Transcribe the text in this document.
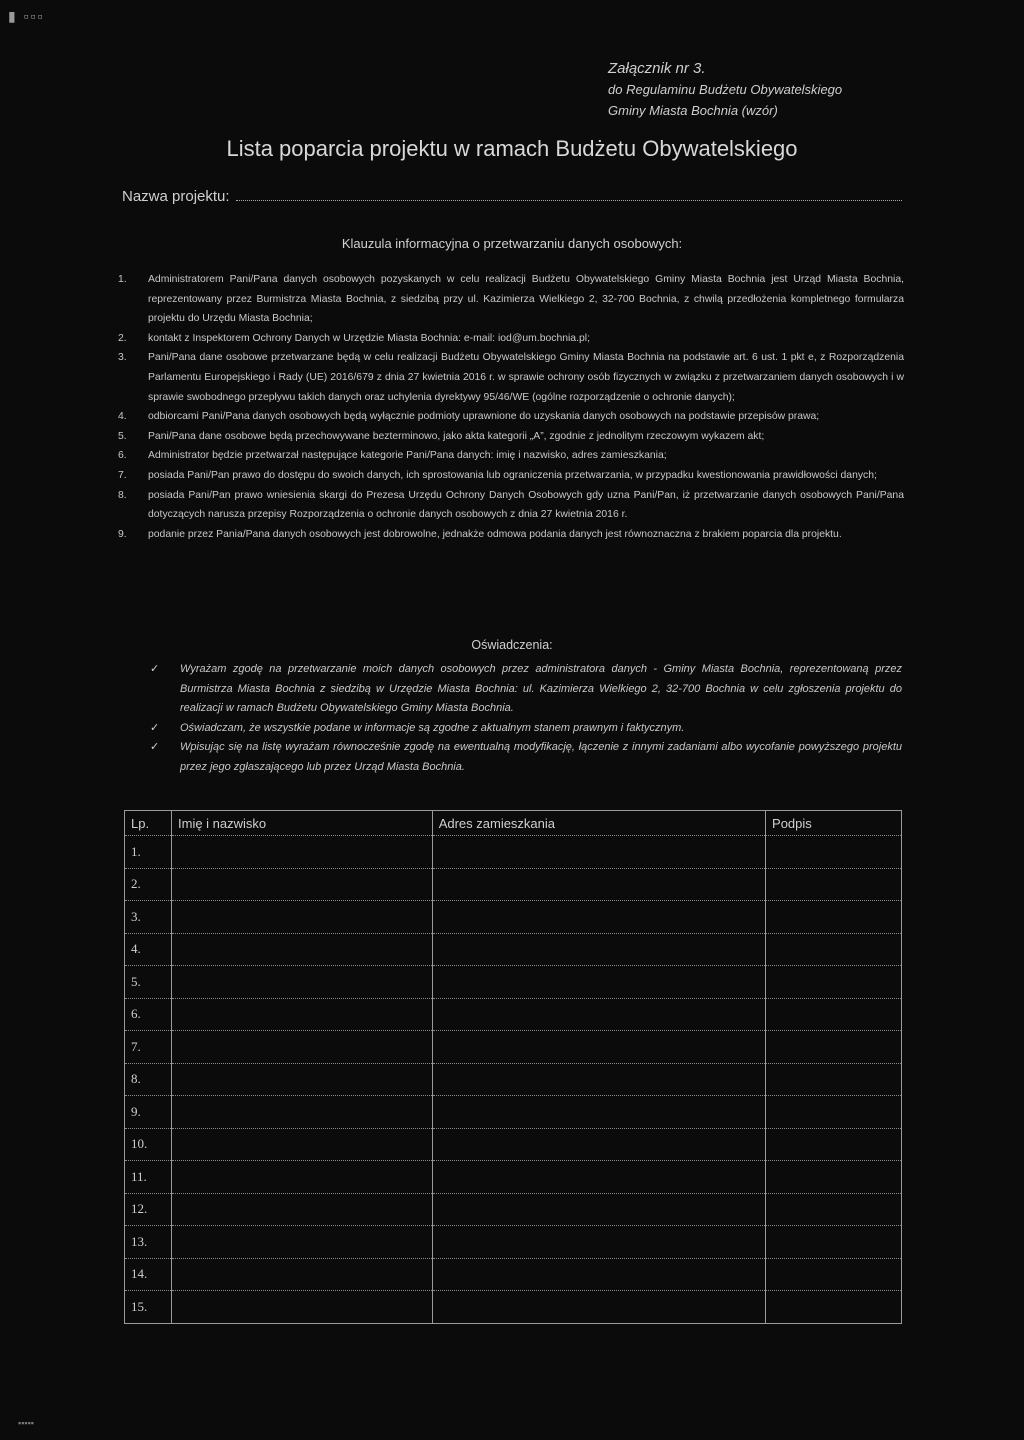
▮ ▫▫▫
Załącznik nr 3.
do Regulaminu Budżetu Obywatelskiego
Gminy Miasta Bochnia (wzór)
Lista poparcia projektu w ramach Budżetu Obywatelskiego
Nazwa projektu:
Klauzula informacyjna o przetwarzaniu danych osobowych:
1.	Administratorem Pani/Pana danych osobowych pozyskanych w celu realizacji Budżetu Obywatelskiego Gminy Miasta Bochnia jest Urząd Miasta Bochnia, reprezentowany przez Burmistrza Miasta Bochnia, z siedzibą przy ul. Kazimierza Wielkiego 2, 32-700 Bochnia, z chwilą przedłożenia kompletnego formularza projektu do Urzędu Miasta Bochnia;
2.	kontakt z Inspektorem Ochrony Danych w Urzędzie Miasta Bochnia: e-mail: iod@um.bochnia.pl;
3.	Pani/Pana dane osobowe przetwarzane będą w celu realizacji Budżetu Obywatelskiego Gminy Miasta Bochnia na podstawie art. 6 ust. 1 pkt e, z Rozporządzenia Parlamentu Europejskiego i Rady (UE) 2016/679 z dnia 27 kwietnia 2016 r. w sprawie ochrony osób fizycznych w związku z przetwarzaniem danych osobowych i w sprawie swobodnego przepływu takich danych oraz uchylenia dyrektywy 95/46/WE (ogólne rozporządzenie o ochronie danych);
4.	odbiorcami Pani/Pana danych osobowych będą wyłącznie podmioty uprawnione do uzyskania danych osobowych na podstawie przepisów prawa;
5.	Pani/Pana dane osobowe będą przechowywane bezterminowo, jako akta kategorii „A”, zgodnie z jednolitym rzeczowym wykazem akt;
6.	Administrator będzie przetwarzał następujące kategorie Pani/Pana danych: imię i nazwisko, adres zamieszkania;
7.	posiada Pani/Pan prawo do dostępu do swoich danych, ich sprostowania lub ograniczenia przetwarzania, w przypadku kwestionowania prawidłowości danych;
8.	posiada Pani/Pan prawo wniesienia skargi do Prezesa Urzędu Ochrony Danych Osobowych gdy uzna Pani/Pan, iż przetwarzanie danych osobowych Pani/Pana dotyczących narusza przepisy Rozporządzenia o ochronie danych osobowych z dnia 27 kwietnia 2016 r.
9.	podanie przez Pania/Pana danych osobowych jest dobrowolne, jednakże odmowa podania danych jest równoznaczna z brakiem poparcia dla projektu.
Oświadczenia:
✓	Wyrażam zgodę na przetwarzanie moich danych osobowych przez administratora danych - Gminy Miasta Bochnia, reprezentowaną przez Burmistrza Miasta Bochnia z siedzibą w Urzędzie Miasta Bochnia: ul. Kazimierza Wielkiego 2, 32-700 Bochnia w celu zgłoszenia projektu do realizacji w ramach Budżetu Obywatelskiego Gminy Miasta Bochnia.
✓	Oświadczam, że wszystkie podane w informacje są zgodne z aktualnym stanem prawnym i faktycznym.
✓	Wpisując się na listę wyrażam równocześnie zgodę na ewentualną modyfikację, łączenie z innymi zadaniami albo wycofanie powyższego projektu przez jego zgłaszającego lub przez Urząd Miasta Bochnia.
Lp.	Imię i nazwisko	Adres zamieszkania	Podpis
1.			
2.			
3.			
4.			
5.			
6.			
7.			
8.			
9.			
10.			
11.			
12.			
13.			
14.			
15.			
▪▪▪▪▪
